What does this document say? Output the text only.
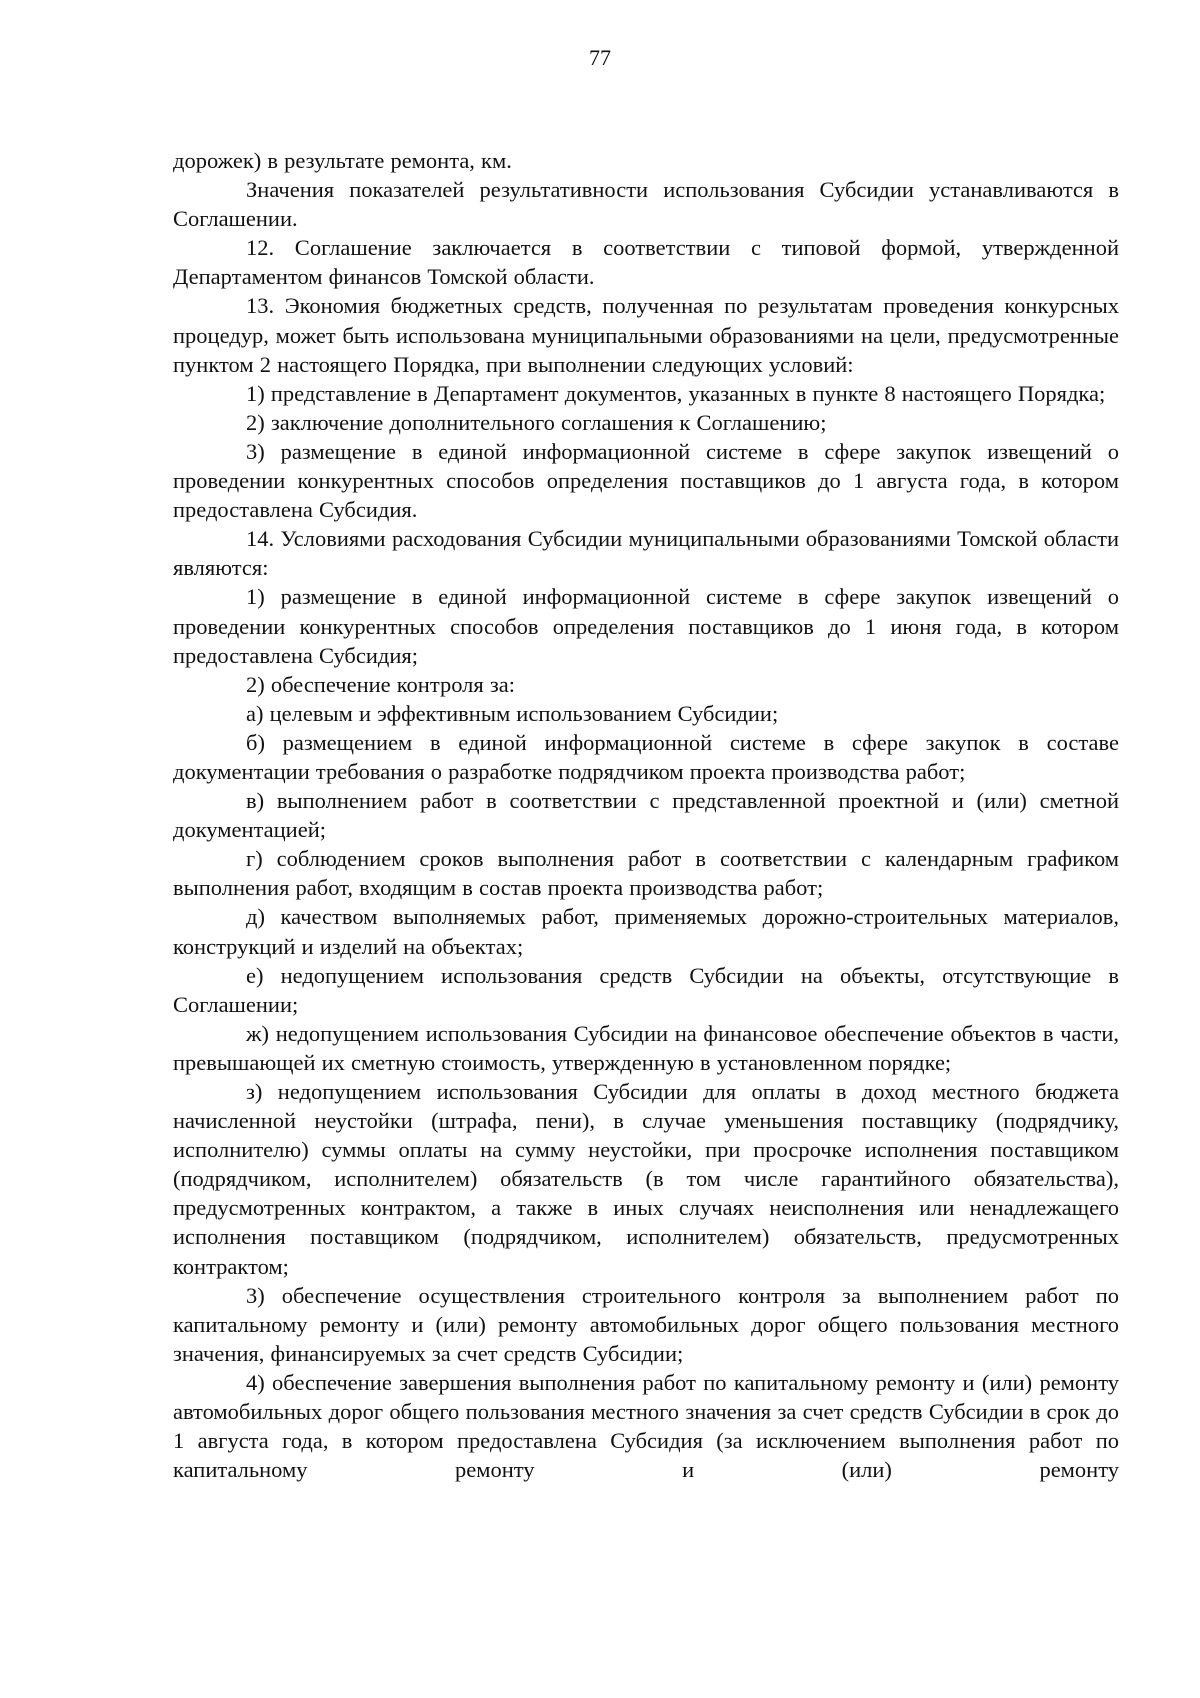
77

дорожек) в результате ремонта, км.

Значения показателей результативности использования Субсидии устанавливаются в Соглашении.

12. Соглашение заключается в соответствии с типовой формой, утвержденной Департаментом финансов Томской области.

13. Экономия бюджетных средств, полученная по результатам проведения конкурсных процедур, может быть использована муниципальными образованиями на цели, предусмотренные пунктом 2 настоящего Порядка, при выполнении следующих условий:

1) представление в Департамент документов, указанных в пункте 8 настоящего Порядка;

2) заключение дополнительного соглашения к Соглашению;

3) размещение в единой информационной системе в сфере закупок извещений о проведении конкурентных способов определения поставщиков до 1 августа года, в котором предоставлена Субсидия.

14. Условиями расходования Субсидии муниципальными образованиями Томской области являются:

1) размещение в единой информационной системе в сфере закупок извещений о проведении конкурентных способов определения поставщиков до 1 июня года, в котором предоставлена Субсидия;

2) обеспечение контроля за:

а) целевым и эффективным использованием Субсидии;

б) размещением в единой информационной системе в сфере закупок в составе документации требования о разработке подрядчиком проекта производства работ;

в) выполнением работ в соответствии с представленной проектной и (или) сметной документацией;

г) соблюдением сроков выполнения работ в соответствии с календарным графиком выполнения работ, входящим в состав проекта производства работ;

д) качеством выполняемых работ, применяемых дорожно-строительных материалов, конструкций и изделий на объектах;

е) недопущением использования средств Субсидии на объекты, отсутствующие в Соглашении;

ж) недопущением использования Субсидии на финансовое обеспечение объектов в части, превышающей их сметную стоимость, утвержденную в установленном порядке;

з) недопущением использования Субсидии для оплаты в доход местного бюджета начисленной неустойки (штрафа, пени), в случае уменьшения поставщику (подрядчику, исполнителю) суммы оплаты на сумму неустойки, при просрочке исполнения поставщиком (подрядчиком, исполнителем) обязательств (в том числе гарантийного обязательства), предусмотренных контрактом, а также в иных случаях неисполнения или ненадлежащего исполнения поставщиком (подрядчиком, исполнителем) обязательств, предусмотренных контрактом;

3) обеспечение осуществления строительного контроля за выполнением работ по капитальному ремонту и (или) ремонту автомобильных дорог общего пользования местного значения, финансируемых за счет средств Субсидии;

4) обеспечение завершения выполнения работ по капитальному ремонту и (или) ремонту автомобильных дорог общего пользования местного значения за счет средств Субсидии в срок до 1 августа года, в котором предоставлена Субсидия (за исключением выполнения работ по капитальному ремонту и (или) ремонту
